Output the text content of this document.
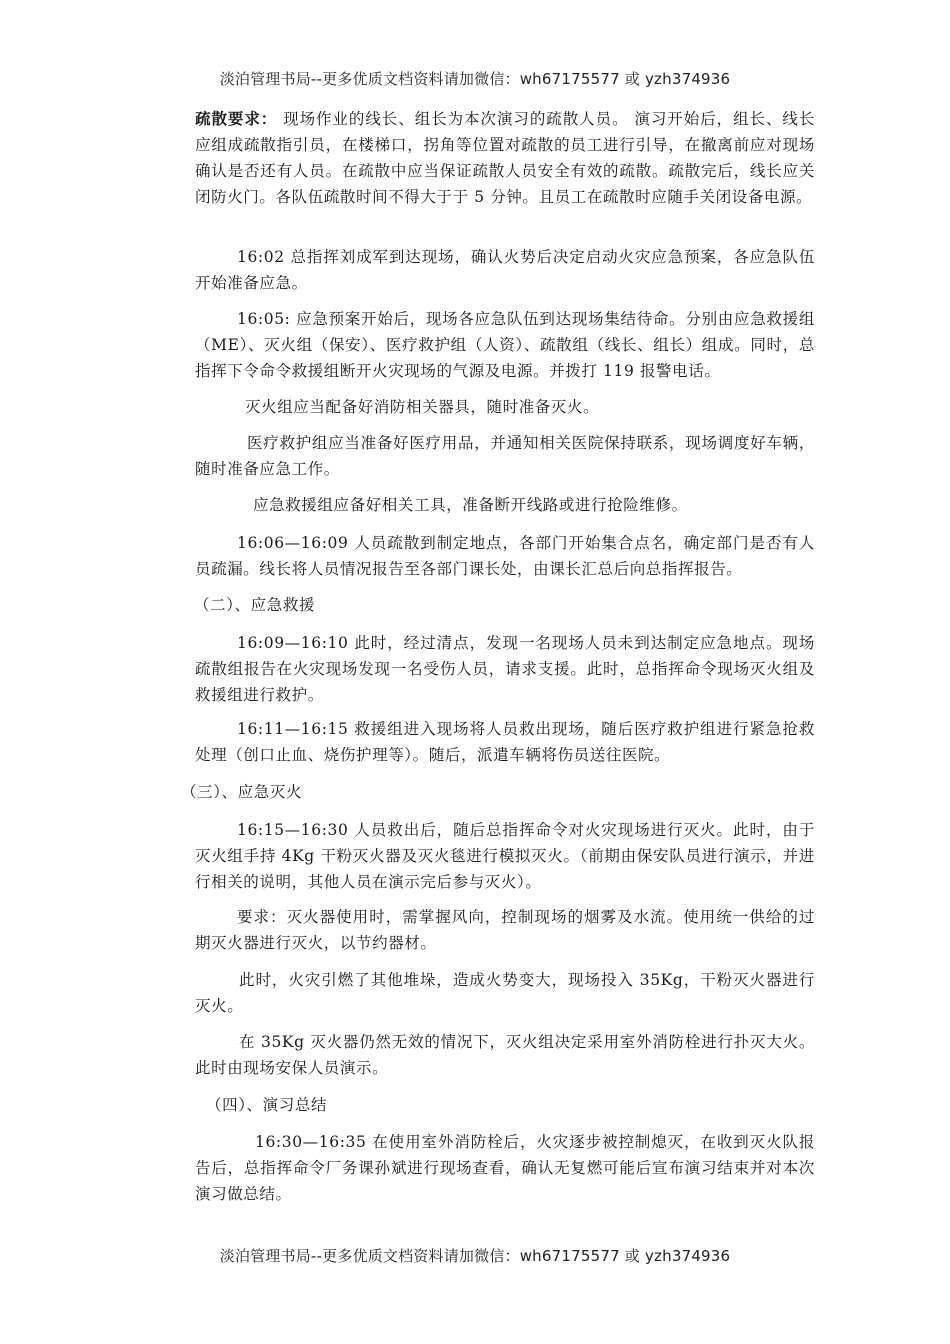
淡泊管理书局--更多优质文档资料请加微信：wh67175577 或 yzh374936

疏散要求： 现场作业的线长、组长为本次演习的疏散人员。 演习开始后，组长、线长应组成疏散指引员，在楼梯口，拐角等位置对疏散的员工进行引导，在撤离前应对现场确认是否还有人员。在疏散中应当保证疏散人员安全有效的疏散。疏散完后，线长应关闭防火门。各队伍疏散时间不得大于于 5 分钟。且员工在疏散时应随手关闭设备电源。

16:02 总指挥刘成军到达现场，确认火势后决定启动火灾应急预案，各应急队伍开始准备应急。

16:05: 应急预案开始后，现场各应急队伍到达现场集结待命。分别由应急救援组（ME）、灭火组（保安）、医疗救护组（人资）、疏散组（线长、组长）组成。同时，总指挥下令命令救援组断开火灾现场的气源及电源。并拨打 119 报警电话。

灭火组应当配备好消防相关器具，随时准备灭火。

医疗救护组应当准备好医疗用品，并通知相关医院保持联系，现场调度好车辆，随时准备应急工作。

应急救援组应备好相关工具，准备断开线路或进行抢险维修。

16:06—16:09 人员疏散到制定地点，各部门开始集合点名，确定部门是否有人员疏漏。线长将人员情况报告至各部门课长处，由课长汇总后向总指挥报告。

（二）、应急救援

16:09—16:10 此时，经过清点，发现一名现场人员未到达制定应急地点。现场疏散组报告在火灾现场发现一名受伤人员，请求支援。此时，总指挥命令现场灭火组及救援组进行救护。

16:11—16:15 救援组进入现场将人员救出现场，随后医疗救护组进行紧急抢救处理（创口止血、烧伤护理等）。随后，派遣车辆将伤员送往医院。

（三）、应急灭火

16:15—16:30 人员救出后，随后总指挥命令对火灾现场进行灭火。此时，由于灭火组手持 4Kg 干粉灭火器及灭火毯进行模拟灭火。（前期由保安队员进行演示，并进行相关的说明，其他人员在演示完后参与灭火）。

要求：灭火器使用时，需掌握风向，控制现场的烟雾及水流。使用统一供给的过期灭火器进行灭火，以节约器材。

此时，火灾引燃了其他堆垛，造成火势变大，现场投入 35Kg，干粉灭火器进行灭火。

在 35Kg 灭火器仍然无效的情况下，灭火组决定采用室外消防栓进行扑灭大火。此时由现场安保人员演示。

（四）、演习总结

16:30—16:35 在使用室外消防栓后，火灾逐步被控制熄灭，在收到灭火队报告后，总指挥命令厂务课孙斌进行现场查看，确认无复燃可能后宣布演习结束并对本次演习做总结。

淡泊管理书局--更多优质文档资料请加微信：wh67175577 或 yzh374936
